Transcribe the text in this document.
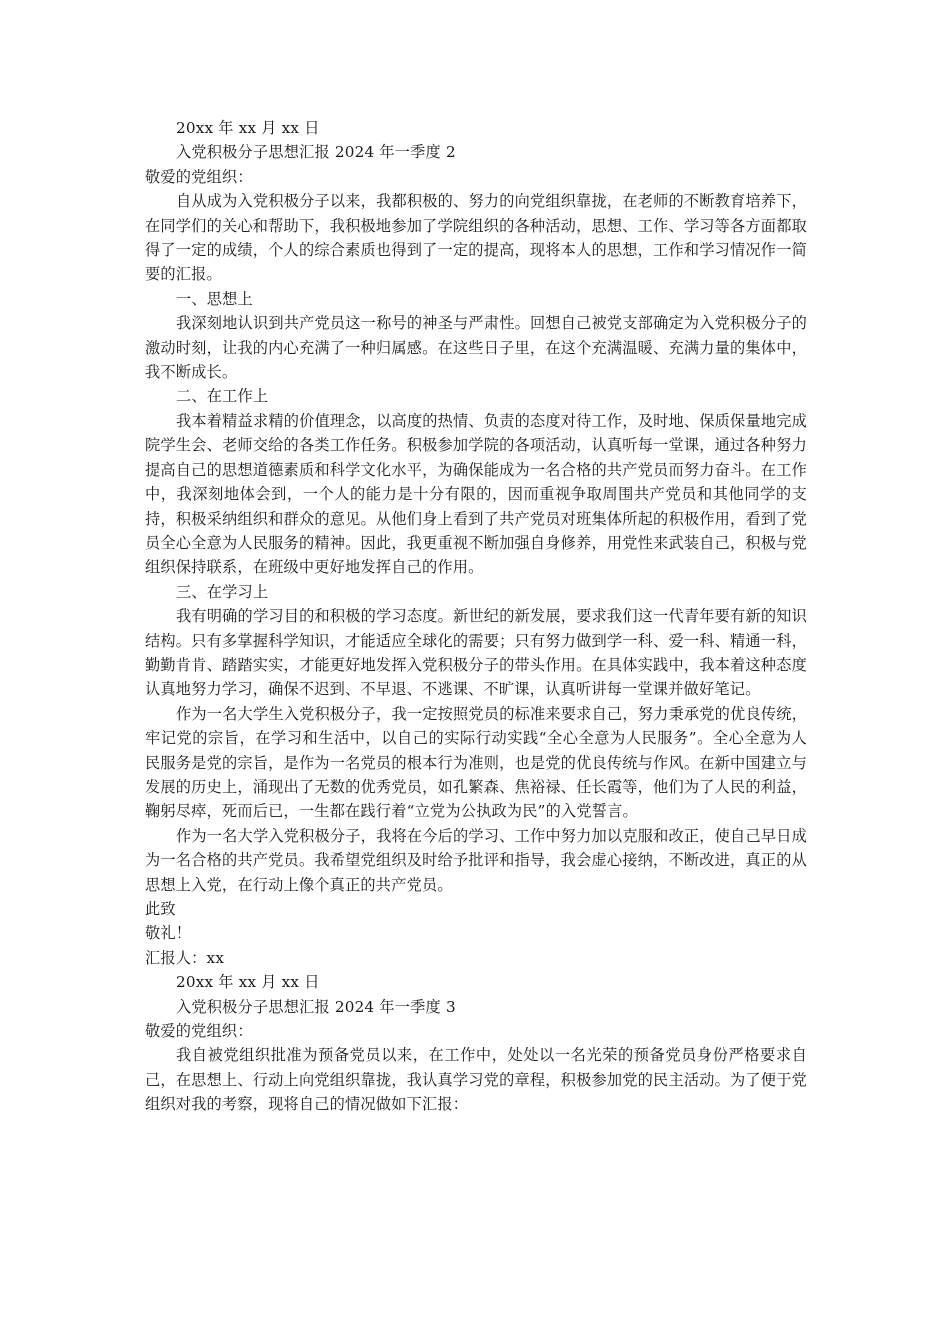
20xx 年 xx 月 xx 日

入党积极分子思想汇报 2024 年一季度 2

敬爱的党组织：

自从成为入党积极分子以来，我都积极的、努力的向党组织靠拢，在老师的不断教育培养下，在同学们的关心和帮助下，我积极地参加了学院组织的各种活动，思想、工作、学习等各方面都取得了一定的成绩，个人的综合素质也得到了一定的提高，现将本人的思想，工作和学习情况作一简要的汇报。

一、思想上

我深刻地认识到共产党员这一称号的神圣与严肃性。回想自己被党支部确定为入党积极分子的激动时刻，让我的内心充满了一种归属感。在这些日子里，在这个充满温暖、充满力量的集体中，我不断成长。

二、在工作上

我本着精益求精的价值理念，以高度的热情、负责的态度对待工作，及时地、保质保量地完成院学生会、老师交给的各类工作任务。积极参加学院的各项活动，认真听每一堂课，通过各种努力提高自己的思想道德素质和科学文化水平，为确保能成为一名合格的共产党员而努力奋斗。在工作中，我深刻地体会到，一个人的能力是十分有限的，因而重视争取周围共产党员和其他同学的支持，积极采纳组织和群众的意见。从他们身上看到了共产党员对班集体所起的积极作用，看到了党员全心全意为人民服务的精神。因此，我更重视不断加强自身修养，用党性来武装自己，积极与党组织保持联系，在班级中更好地发挥自己的作用。

三、在学习上

我有明确的学习目的和积极的学习态度。新世纪的新发展，要求我们这一代青年要有新的知识结构。只有多掌握科学知识，才能适应全球化的需要；只有努力做到学一科、爱一科、精通一科，勤勤肯肯、踏踏实实，才能更好地发挥入党积极分子的带头作用。在具体实践中，我本着这种态度认真地努力学习，确保不迟到、不早退、不逃课、不旷课，认真听讲每一堂课并做好笔记。

作为一名大学生入党积极分子，我一定按照党员的标准来要求自己，努力秉承党的优良传统，牢记党的宗旨，在学习和生活中，以自己的实际行动实践“全心全意为人民服务”。全心全意为人民服务是党的宗旨，是作为一名党员的根本行为准则，也是党的优良传统与作风。在新中国建立与发展的历史上，涌现出了无数的优秀党员，如孔繁森、焦裕禄、任长霞等，他们为了人民的利益，鞠躬尽瘁，死而后已，一生都在践行着“立党为公执政为民”的入党誓言。

作为一名大学入党积极分子，我将在今后的学习、工作中努力加以克服和改正，使自己早日成为一名合格的共产党员。我希望党组织及时给予批评和指导，我会虚心接纳，不断改进，真正的从思想上入党，在行动上像个真正的共产党员。

此致

敬礼！

汇报人：xx

20xx 年 xx 月 xx 日

入党积极分子思想汇报 2024 年一季度 3

敬爱的党组织：

我自被党组织批准为预备党员以来，在工作中，处处以一名光荣的预备党员身份严格要求自己，在思想上、行动上向党组织靠拢，我认真学习党的章程，积极参加党的民主活动。为了便于党组织对我的考察，现将自己的情况做如下汇报：
